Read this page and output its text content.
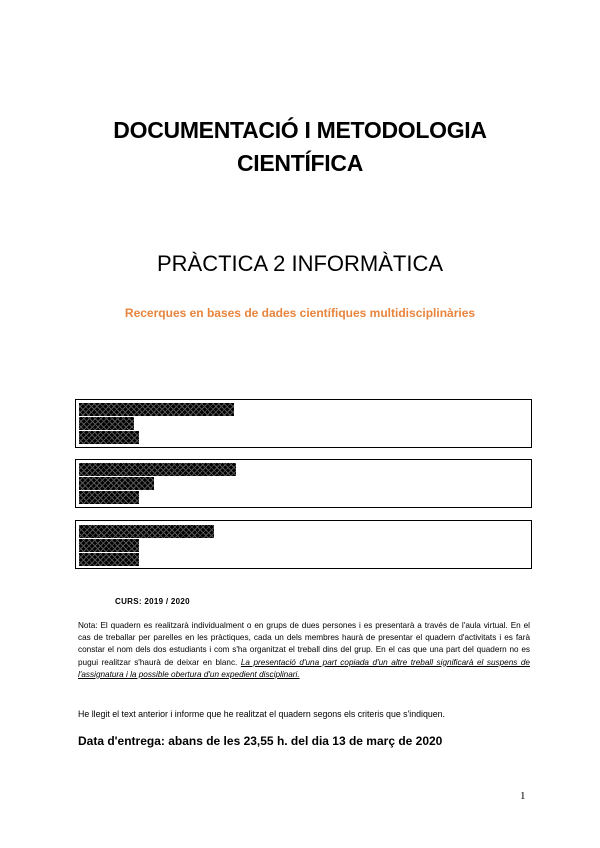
DOCUMENTACIÓ I METODOLOGIA CIENTÍFICA
PRÀCTICA 2 INFORMÀTICA
Recerques en bases de dades científiques multidisciplinàries
CURS: 2019 / 2020
Nota: El quadern es realitzarà individualment o en grups de dues persones i es presentarà a través de l'aula virtual. En el cas de treballar per parelles en les pràctiques, cada un dels membres haurà de presentar el quadern d'activitats i es farà constar el nom dels dos estudiants i com s'ha organitzat el treball dins del grup. En el cas que una part del quadern no es pugui realitzar s'haurà de deixar en blanc. La presentació d'una part copiada d'un altre treball significarà el suspens de l'assignatura i la possible obertura d'un expedient disciplinari.
He llegit el text anterior i informe que he realitzat el quadern segons els criteris que s'indiquen.
Data d'entrega: abans de les 23,55 h. del dia 13 de març de 2020
1
